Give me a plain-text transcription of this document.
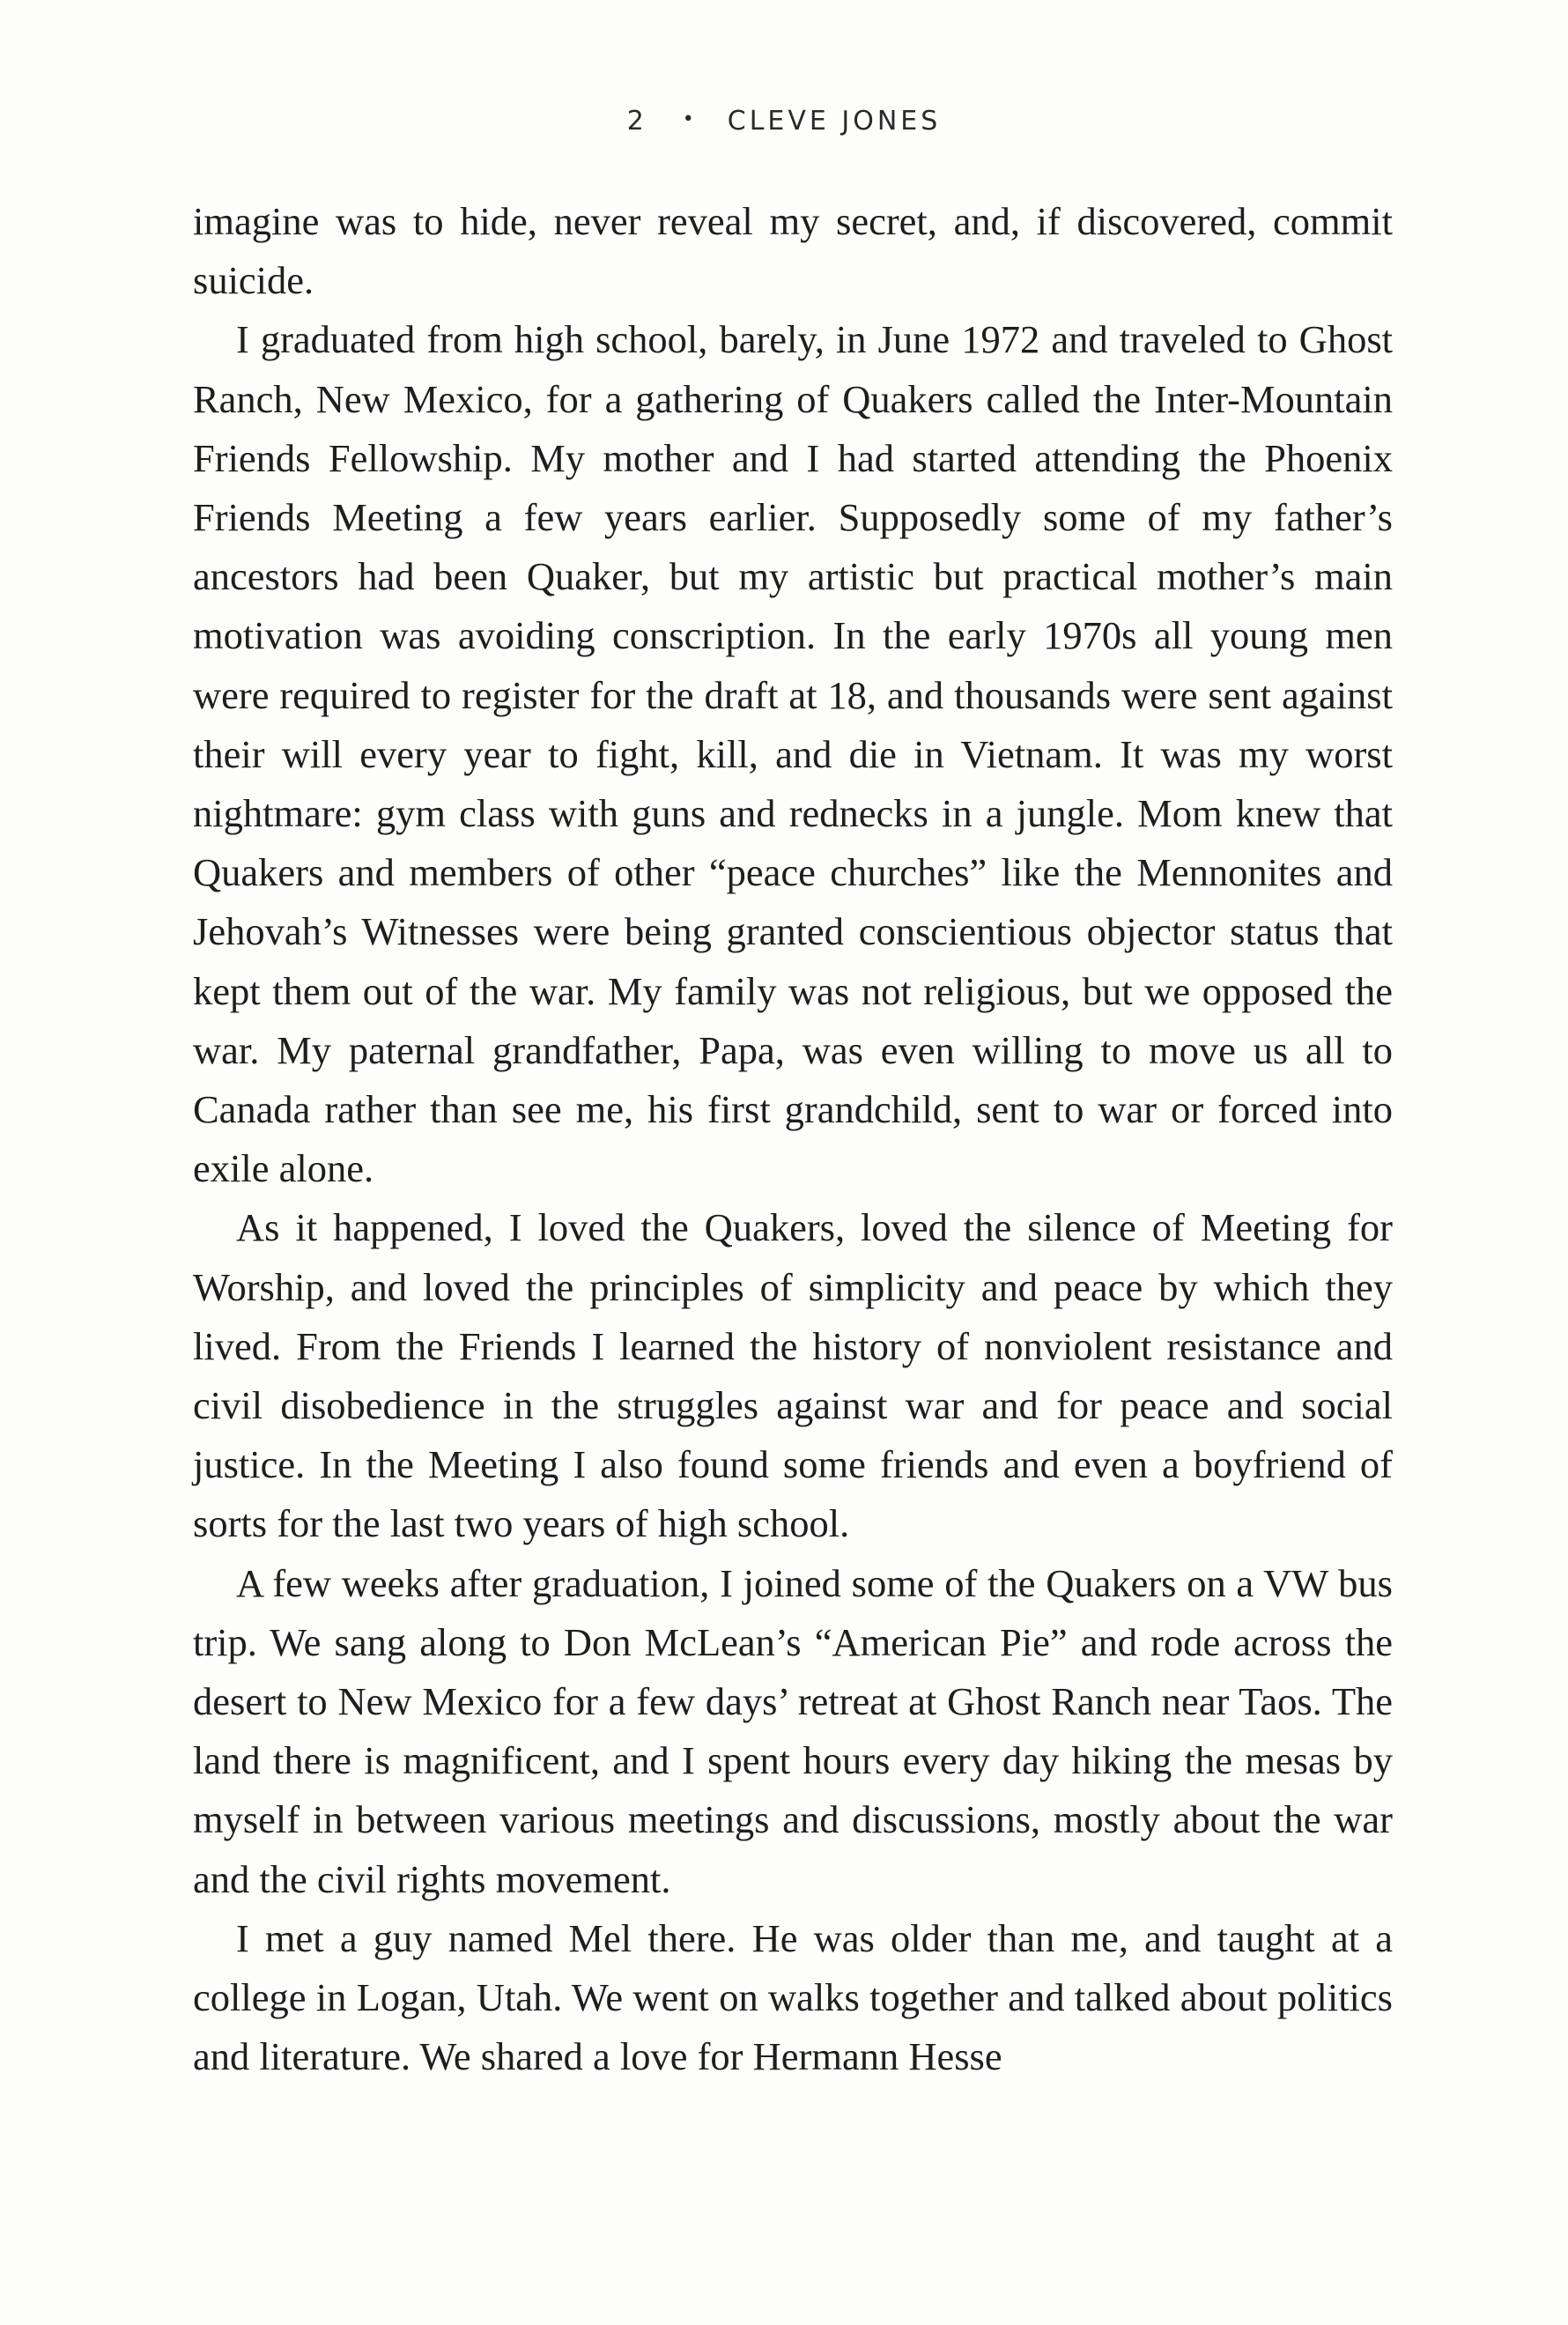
2 • CLEVE JONES

imagine was to hide, never reveal my secret, and, if discovered, commit suicide.

I graduated from high school, barely, in June 1972 and traveled to Ghost Ranch, New Mexico, for a gathering of Quakers called the Inter-Mountain Friends Fellowship. My mother and I had started attending the Phoenix Friends Meeting a few years earlier. Supposedly some of my father’s ancestors had been Quaker, but my artistic but practical mother’s main motivation was avoiding conscription. In the early 1970s all young men were required to register for the draft at 18, and thousands were sent against their will every year to fight, kill, and die in Vietnam. It was my worst nightmare: gym class with guns and rednecks in a jungle. Mom knew that Quakers and members of other “peace churches” like the Mennonites and Jehovah’s Witnesses were being granted conscientious objector status that kept them out of the war. My family was not religious, but we opposed the war. My paternal grandfather, Papa, was even willing to move us all to Canada rather than see me, his first grandchild, sent to war or forced into exile alone.

As it happened, I loved the Quakers, loved the silence of Meeting for Worship, and loved the principles of simplicity and peace by which they lived. From the Friends I learned the history of nonviolent resistance and civil disobedience in the struggles against war and for peace and social justice. In the Meeting I also found some friends and even a boyfriend of sorts for the last two years of high school.

A few weeks after graduation, I joined some of the Quakers on a VW bus trip. We sang along to Don McLean’s “American Pie” and rode across the desert to New Mexico for a few days’ retreat at Ghost Ranch near Taos. The land there is magnificent, and I spent hours every day hiking the mesas by myself in between various meetings and discussions, mostly about the war and the civil rights movement.

I met a guy named Mel there. He was older than me, and taught at a college in Logan, Utah. We went on walks together and talked about politics and literature. We shared a love for Hermann Hesse
